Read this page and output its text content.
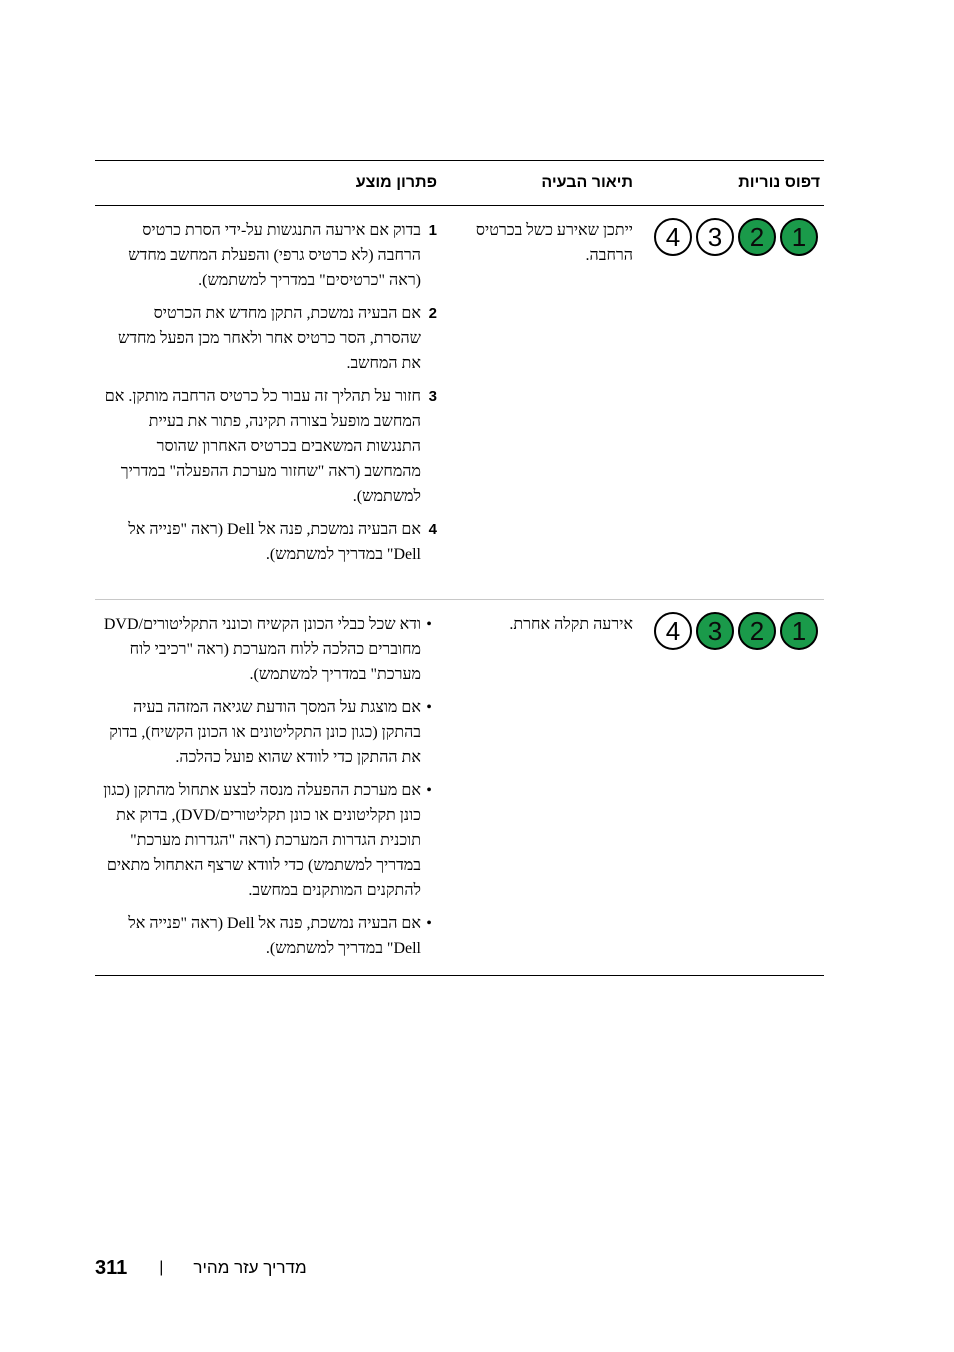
דפוס נוריות
תיאור הבעיה
פתרון מוצע
1
2
3
4
ייתכן שאירע כשל בכרטיס הרחבה.
1
בדוק אם אירעה התנגשות על-ידי הסרת כרטיס הרחבה (לא כרטיס גרפי) והפעלת המחשב מחדש (ראה "כרטיסים" במדריך למשתמש).
2
אם הבעיה נמשכת, התקן מחדש את הכרטיס שהסרת, הסר כרטיס אחר ולאחר מכן הפעל מחדש את המחשב.
3
חזור על תהליך זה עבור כל כרטיס הרחבה מותקן. אם המחשב מופעל בצורה תקינה, פתור את בעיית התנגשות המשאבים בכרטיס האחרון שהוסר מהמחשב (ראה "שחזור מערכת ההפעלה" במדריך למשתמש).
4
אם הבעיה נמשכת, פנה אל Dell (ראה "פנייה אל Dell" במדריך למשתמש).
1
2
3
4
אירעה תקלה אחרת.
•
ודא שכל כבלי הכונן הקשיח וכונני התקליטורים/DVD מחוברים כהלכה ללוח המערכת (ראה "רכיבי לוח מערכת" במדריך למשתמש).
•
אם מוצגת על המסך הודעת שגיאה המזהה בעיה בהתקן (כגון כונן התקליטונים או הכונן הקשיח), בדוק את ההתקן כדי לוודא שהוא פועל כהלכה.
•
אם מערכת ההפעלה מנסה לבצע אתחול מהתקן (כגון כונן תקליטונים או כונן תקליטורים/DVD), בדוק את תוכנית הגדרות המערכת (ראה "הגדרות מערכת" במדריך למשתמש) כדי לוודא שרצף האתחול מתאים להתקנים המותקנים במחשב.
•
אם הבעיה נמשכת, פנה אל Dell (ראה "פנייה אל Dell" במדריך למשתמש).
311 | מדריך עזר מהיר
